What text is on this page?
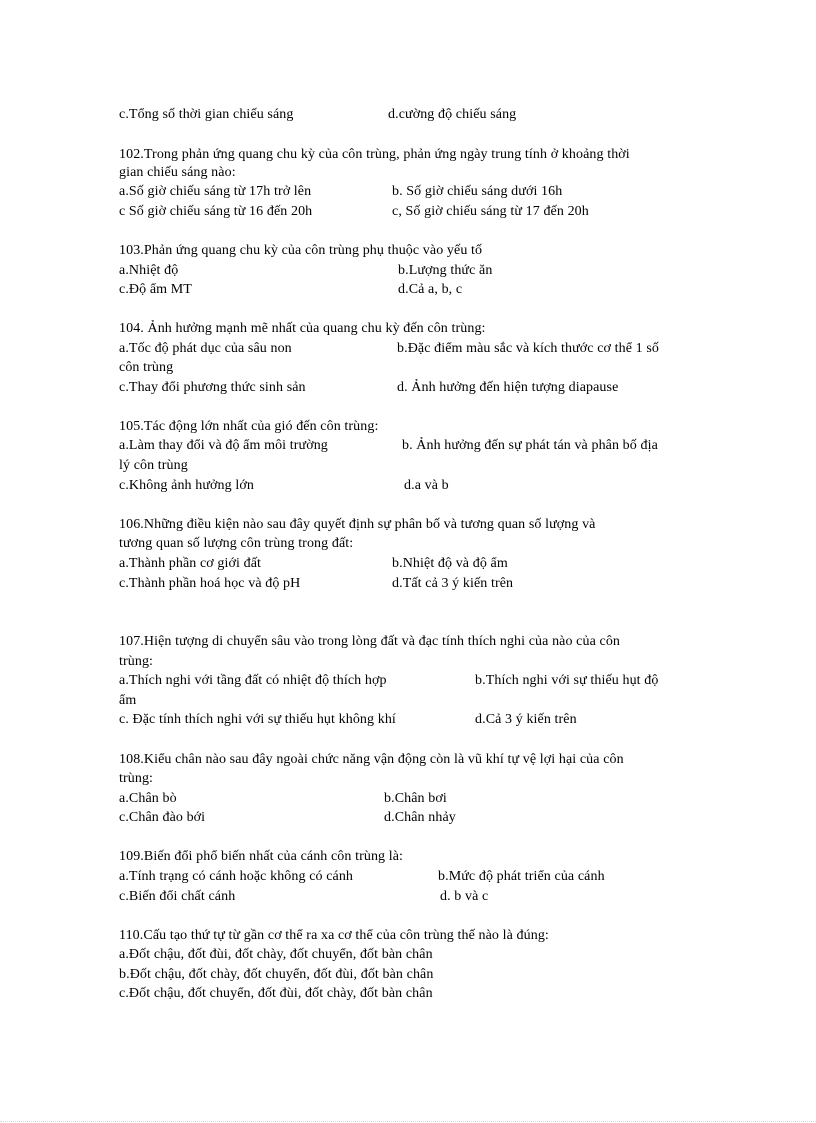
c.Tổng số thời gian chiếu sáng	d.cường độ chiếu sáng
102.Trong phản ứng quang chu kỳ của côn trùng, phản ứng ngày trung tính ở khoảng thời
gian chiếu sáng nào:
a.Số giờ chiếu sáng từ 17h trở lên	b. Số giờ chiếu sáng dưới 16h
c Số giờ chiếu sáng từ 16 đến 20h	c, Số giờ chiếu sáng từ 17 đến 20h
103.Phản ứng quang chu kỳ của côn trùng phụ thuộc vào yếu tố
a.Nhiệt độ	b.Lượng thức ăn
c.Độ ẩm MT	d.Cả a, b, c
104. Ảnh hưởng mạnh mẽ nhất của quang chu kỳ đến côn trùng:
a.Tốc độ phát dục của sâu non	b.Đặc điểm màu sắc và kích thước cơ thể 1 số
côn trùng
c.Thay đổi phương thức sinh sản	d. Ảnh hưởng đến hiện tượng diapause
105.Tác động lớn nhất của gió đến côn trùng:
a.Làm thay đổi và độ ẩm môi trường	b. Ảnh hưởng đến sự phát tán và phân bố địa
lý côn trùng
c.Không ảnh hưởng lớn	d.a và b
106.Những điều kiện nào sau đây quyết định sự phân bố và tương quan số lượng và
tương quan số lượng côn trùng trong đất:
a.Thành phần cơ giới đất	b.Nhiệt độ và độ ẩm
c.Thành phần hoá học và độ pH	d.Tất cả 3 ý kiến trên
107.Hiện tượng di chuyển sâu vào trong lòng đất và đạc tính thích nghi của nào của côn
trùng:
a.Thích nghi với tầng đất có nhiệt độ thích hợp	b.Thích nghi với sự thiếu hụt độ
ẩm
c. Đặc tính thích nghi với sự thiếu hụt không khí	d.Cả 3 ý kiến trên
108.Kiểu chân nào sau đây ngoài chức năng vận động còn là vũ khí tự vệ lợi hại của côn
trùng:
a.Chân bò	b.Chân bơi
c.Chân đào bới	d.Chân nhảy
109.Biến đổi phổ biến nhất của cánh côn trùng là:
a.Tính trạng có cánh hoặc không có cánh	b.Mức độ phát triển của cánh
c.Biến đổi chất cánh	d. b và c
110.Cấu tạo thứ tự từ gần cơ thể ra xa cơ thể của côn trùng thế nào là đúng:
a.Đốt chậu, đốt đùi, đốt chày, đốt chuyển, đốt bàn chân
b.Đốt chậu, đốt chày, đốt chuyển, đốt đùi, đốt bàn chân
c.Đốt chậu, đốt chuyển, đốt đùi, đốt chày, đốt bàn chân
